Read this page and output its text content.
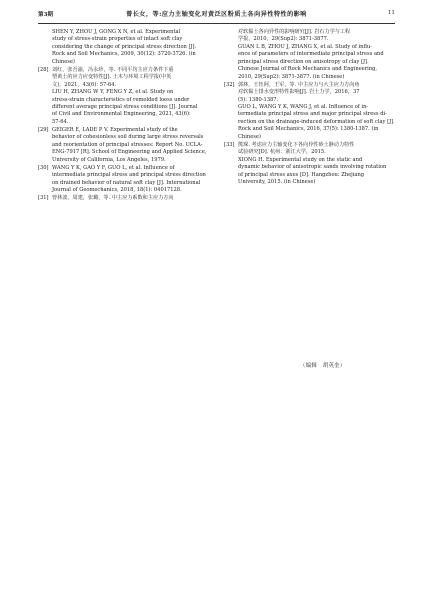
第3期	曾长女，等:应力主轴变化对黄泛区粉质土各向异性特性的影响	11
SHEN Y, ZHOU J, GONG X N, et al. Experimental
study of stress-strain properties of intact soft clay
considering the change of principal stress direction [J].
Rock and Soil Mechanics, 2009, 30(12): 3720-3726. (in
Chinese)
[28] 刘红，张吾渝，冯永珍，等. 不同平均主应力条件下重
塑黄土的应力应变特性[J]. 土木与环境工程学报(中英
文)，2021，43(6): 57-64.
LIU H, ZHANG W Y, FENG Y Z, et al. Study on
stress-strain characteristics of remolded loess under
different average principal stress conditions [J]. Journal
of Civil and Environmental Engineering, 2021, 43(6):
57-64.
[29] GEIGER E, LADE P V. Experimental study of the
behavior of cohesionless soil during large stress reversals
and reorientation of principal stresses: Report No. UCLA-
ENG-7917 [R]. School of Engineering and Applied Science,
University of California, Los Angeles, 1979.
[30] WANG Y K, GAO Y F, GUO L, et al. Influence of
intermediate principal stress and principal stress direction
on drained behavior of natural soft clay [J]. International
Journal of Geomechanics, 2018, 18(1): 04017128.
[31] 曾林波，周建，张璐，等. 中主应力系数和主应力方向
对软黏土各向异性的影响研究[J]. 岩石力学与工程
学报，2010，29(Sup2): 3871-3877.
GUAN L B, ZHOU J, ZHANG X, et al. Study of influ-
ence of parameters of intermediate principal stress and
principal stress direction on anisotropy of clay [J].
Chinese Journal of Rock Mechanics and Engineering,
2010, 29(Sup2): 3871-3877. (in Chinese)
[32] 郭林，王钰阿，王军，等. 中主应力与大主应力方向角
对软黏土排水变形特性影响[J]. 岩土力学，2016，37
(5): 1380-1387.
GUO L, WANG Y K, WANG J, et al. Influence of in-
termediate principal stress and major principal stress di-
rection on the drainage-induced deformation of soft clay [J].
Rock and Soil Mechanics, 2016, 37(5): 1380-1387. (in
Chinese)
[33] 熊琛. 考虑应力主轴变化下各向异性砂土静动力特性
试验研究[D]. 杭州：浙江大学，2015.
XIONG H. Experimental study on the static and
dynamic behavior of anisotropic sands involving rotation
of principal stress axes [D]. Hangzhou: Zhejiang
University, 2015. (in Chinese)
（编辑　胡英奎）
